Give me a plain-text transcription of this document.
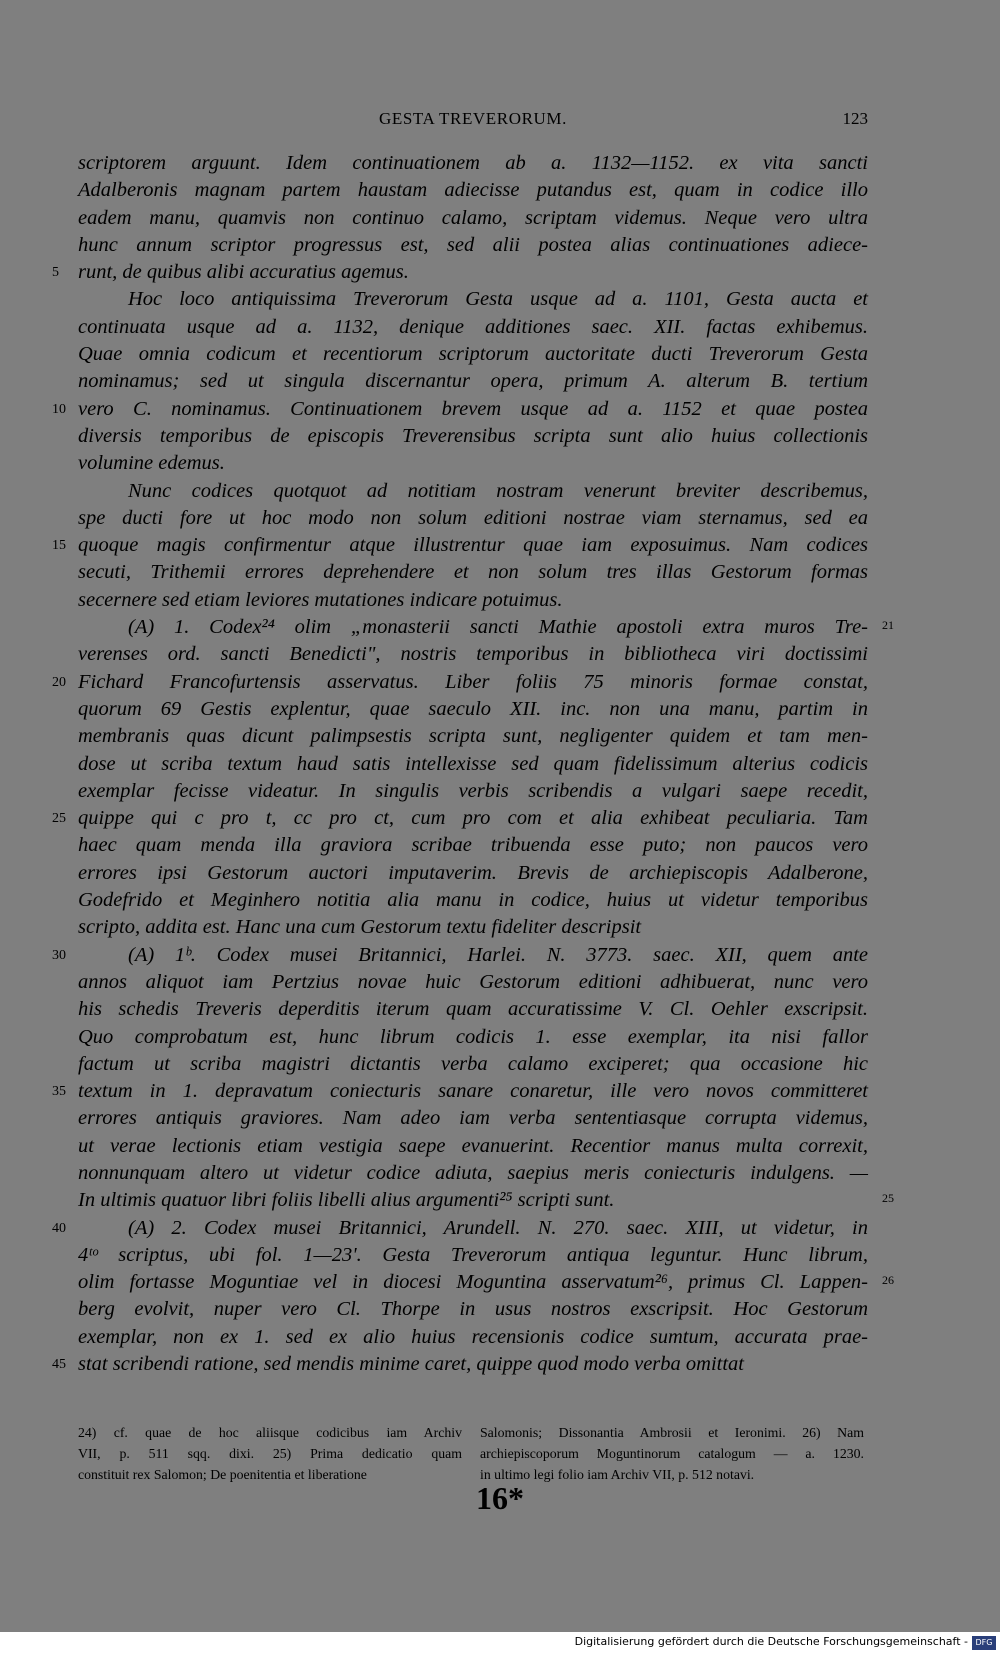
GESTA TREVERORUM.	123
scriptorem arguunt. Idem continuationem ab a. 1132—1152. ex vita sancti
Adalberonis magnam partem haustam adiecisse putandus est, quam in codice illo
eadem manu, quamvis non continuo calamo, scriptam videmus. Neque vero ultra
hunc annum scriptor progressus est, sed alii postea alias continuationes adiece-
runt, de quibus alibi accuratius agemus.
5
Hoc loco antiquissima Treverorum Gesta usque ad a. 1101, Gesta aucta et
continuata usque ad a. 1132, denique additiones saec. XII. factas exhibemus.
Quae omnia codicum et recentiorum scriptorum auctoritate ducti Treverorum Gesta
nominamus; sed ut singula discernantur opera, primum A. alterum B. tertium
vero C. nominamus. Continuationem brevem usque ad a. 1152 et quae postea
10
diversis temporibus de episcopis Treverensibus scripta sunt alio huius collectionis
volumine edemus.
Nunc codices quotquot ad notitiam nostram venerunt breviter describemus,
spe ducti fore ut hoc modo non solum editioni nostrae viam sternamus, sed ea
quoque magis confirmentur atque illustrentur quae iam exposuimus. Nam codices
15
secuti, Trithemii errores deprehendere et non solum tres illas Gestorum formas
secernere sed etiam leviores mutationes indicare potuimus.
(A) 1. Codex²⁴ olim „monasterii sancti Mathie apostoli extra muros Tre- 21
verenses ord. sancti Benedicti", nostris temporibus in bibliotheca viri doctissimi
Fichard Francofurtensis asservatus. Liber foliis 75 minoris formae constat,
20
quorum 69 Gestis explentur, quae saeculo XII. inc. non una manu, partim in
membranis quas dicunt palimpsestis scripta sunt, negligenter quidem et tam men-
dose ut scriba textum haud satis intellexisse sed quam fidelissimum alterius codicis
exemplar fecisse videatur. In singulis verbis scribendis a vulgari saepe recedit,
quippe qui c pro t, cc pro ct, cum pro com et alia exhibeat peculiaria. Tam
25
haec quam menda illa graviora scribae tribuenda esse puto; non paucos vero
errores ipsi Gestorum auctori imputaverim. Brevis de archiepiscopis Adalberone,
Godefrido et Meginhero notitia alia manu in codice, huius ut videtur temporibus
scripto, addita est. Hanc una cum Gestorum textu fideliter descripsit
(A) 1ᵇ. Codex musei Britannici, Harlei. N. 3773. saec. XII, quem ante
30
annos aliquot iam Pertzius novae huic Gestorum editioni adhibuerat, nunc vero
his schedis Treveris deperditis iterum quam accuratissime V. Cl. Oehler exscripsit.
Quo comprobatum est, hunc librum codicis 1. esse exemplar, ita nisi fallor
factum ut scriba magistri dictantis verba calamo exciperet; qua occasione hic
textum in 1. depravatum coniecturis sanare conaretur, ille vero novos committeret
35
errores antiquis graviores. Nam adeo iam verba sententiasque corrupta videmus,
ut verae lectionis etiam vestigia saepe evanuerint. Recentior manus multa correxit,
nonnunquam altero ut videtur codice adiuta, saepius meris coniecturis indulgens. —
In ultimis quatuor libri foliis libelli alius argumenti²⁵ scripti sunt.	25
(A) 2. Codex musei Britannici, Arundell. N. 270. saec. XIII, ut videtur, in
40
4ᵗᵒ scriptus, ubi fol. 1—23'. Gesta Treverorum antiqua leguntur. Hunc librum,
olim fortasse Moguntiae vel in diocesi Moguntina asservatum²⁶, primus Cl. Lappen- 26
berg evolvit, nuper vero Cl. Thorpe in usus nostros exscripsit. Hoc Gestorum
exemplar, non ex 1. sed ex alio huius recensionis codice sumtum, accurata prae-
stat scribendi ratione, sed mendis minime caret, quippe quod modo verba omittat
45
24) cf. quae de hoc aliisque codicibus iam Archiv
VII, p. 511 sqq. dixi. 25) Prima dedicatio quam
constituit rex Salomon; De poenitentia et liberatione
Salomonis; Dissonantia Ambrosii et Ieronimi. 26) Nam
archiepiscoporum Moguntinorum catalogum — a. 1230.
in ultimo legi folio iam Archiv VII, p. 512 notavi.
16*
Digitalisierung gefördert durch die Deutsche Forschungsgemeinschaft - DFG
